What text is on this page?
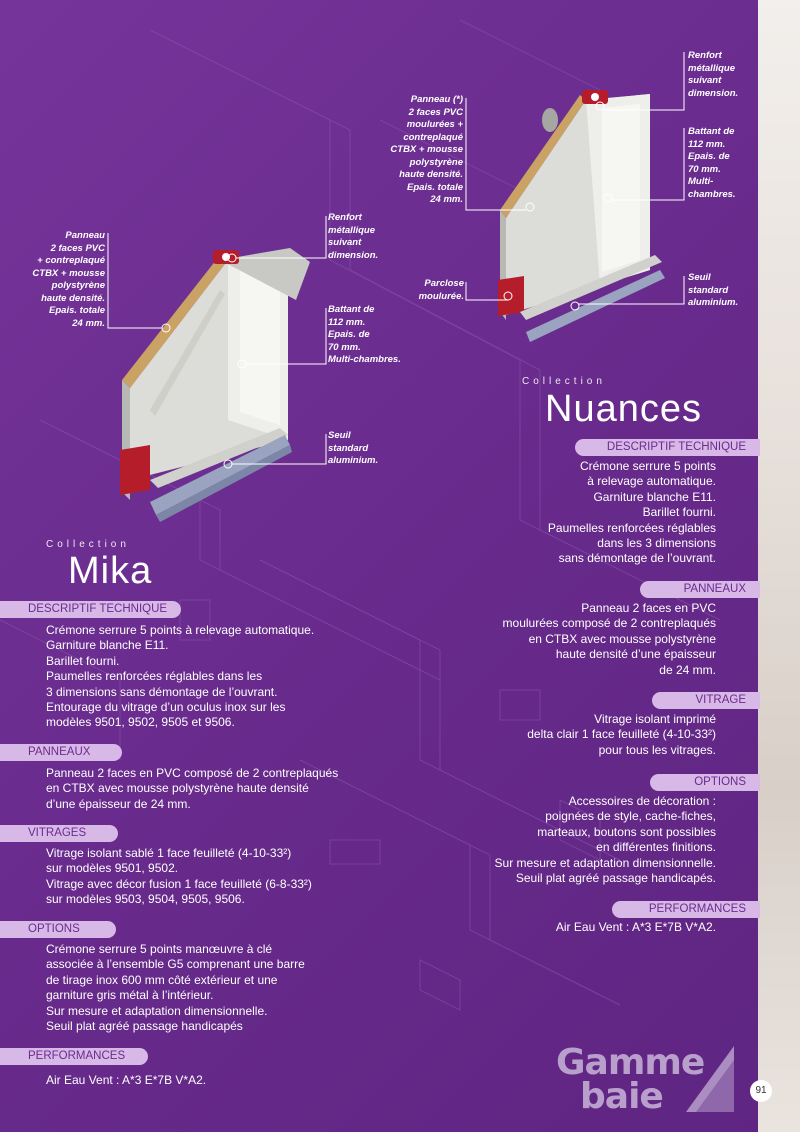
Panneau
2 faces PVC
+ contreplaqué
CTBX + mousse
polystyrène
haute densité.
Epais. totale
24 mm.
Renfort
métallique
suivant
dimension.
Battant de
112 mm.
Epais. de
70 mm.
Multi-chambres.
Seuil
standard
aluminium.
Panneau (*)
2 faces PVC
moulurées +
contreplaqué
CTBX + mousse
polystyrène
haute densité.
Epais. totale
24 mm.
Renfort
métallique
suivant
dimension.
Battant de
112 mm.
Epais. de
70 mm.
Multi-
chambres.
Parclose
moulurée.
Seuil
standard
aluminium.
Collection
Nuances
DESCRIPTIF TECHNIQUE
Crémone serrure 5 points
à relevage automatique.
Garniture blanche E11.
Barillet fourni.
Paumelles renforcées réglables
dans les 3 dimensions
sans démontage de l’ouvrant.
PANNEAUX
Panneau 2 faces en PVC
moulurées composé de 2 contreplaqués
en CTBX avec mousse polystyrène
haute densité d’une épaisseur
de 24 mm.
VITRAGE
Vitrage isolant imprimé
delta clair 1 face feuilleté (4-10-33²)
pour tous les vitrages.
OPTIONS
Accessoires de décoration :
poignées de style, cache-fiches,
marteaux, boutons sont possibles
en différentes finitions.
Sur mesure et adaptation dimensionnelle.
Seuil plat agréé passage handicapés.
PERFORMANCES
Air Eau Vent : A*3 E*7B V*A2.
Collection
Mika
DESCRIPTIF TECHNIQUE
Crémone serrure 5 points à relevage automatique.
Garniture blanche E11.
Barillet fourni.
Paumelles renforcées réglables dans les
3 dimensions sans démontage de l’ouvrant.
Entourage du vitrage d’un oculus inox sur les
modèles 9501, 9502, 9505 et 9506.
PANNEAUX
Panneau 2 faces en PVC composé de 2 contreplaqués
en CTBX avec mousse polystyrène haute densité
d’une épaisseur de 24 mm.
VITRAGES
Vitrage isolant sablé 1 face feuilleté (4-10-33²)
sur modèles 9501, 9502.
Vitrage avec décor fusion 1 face feuilleté (6-8-33²)
sur modèles 9503, 9504, 9505, 9506.
OPTIONS
Crémone serrure 5 points manœuvre à clé
associée à l’ensemble G5 comprenant une barre
de tirage inox 600 mm côté extérieur et une
garniture gris métal à l’intérieur.
Sur mesure et adaptation dimensionnelle.
Seuil plat agréé passage handicapés
PERFORMANCES
Air Eau Vent : A*3 E*7B V*A2.	Gamme
baie	91
